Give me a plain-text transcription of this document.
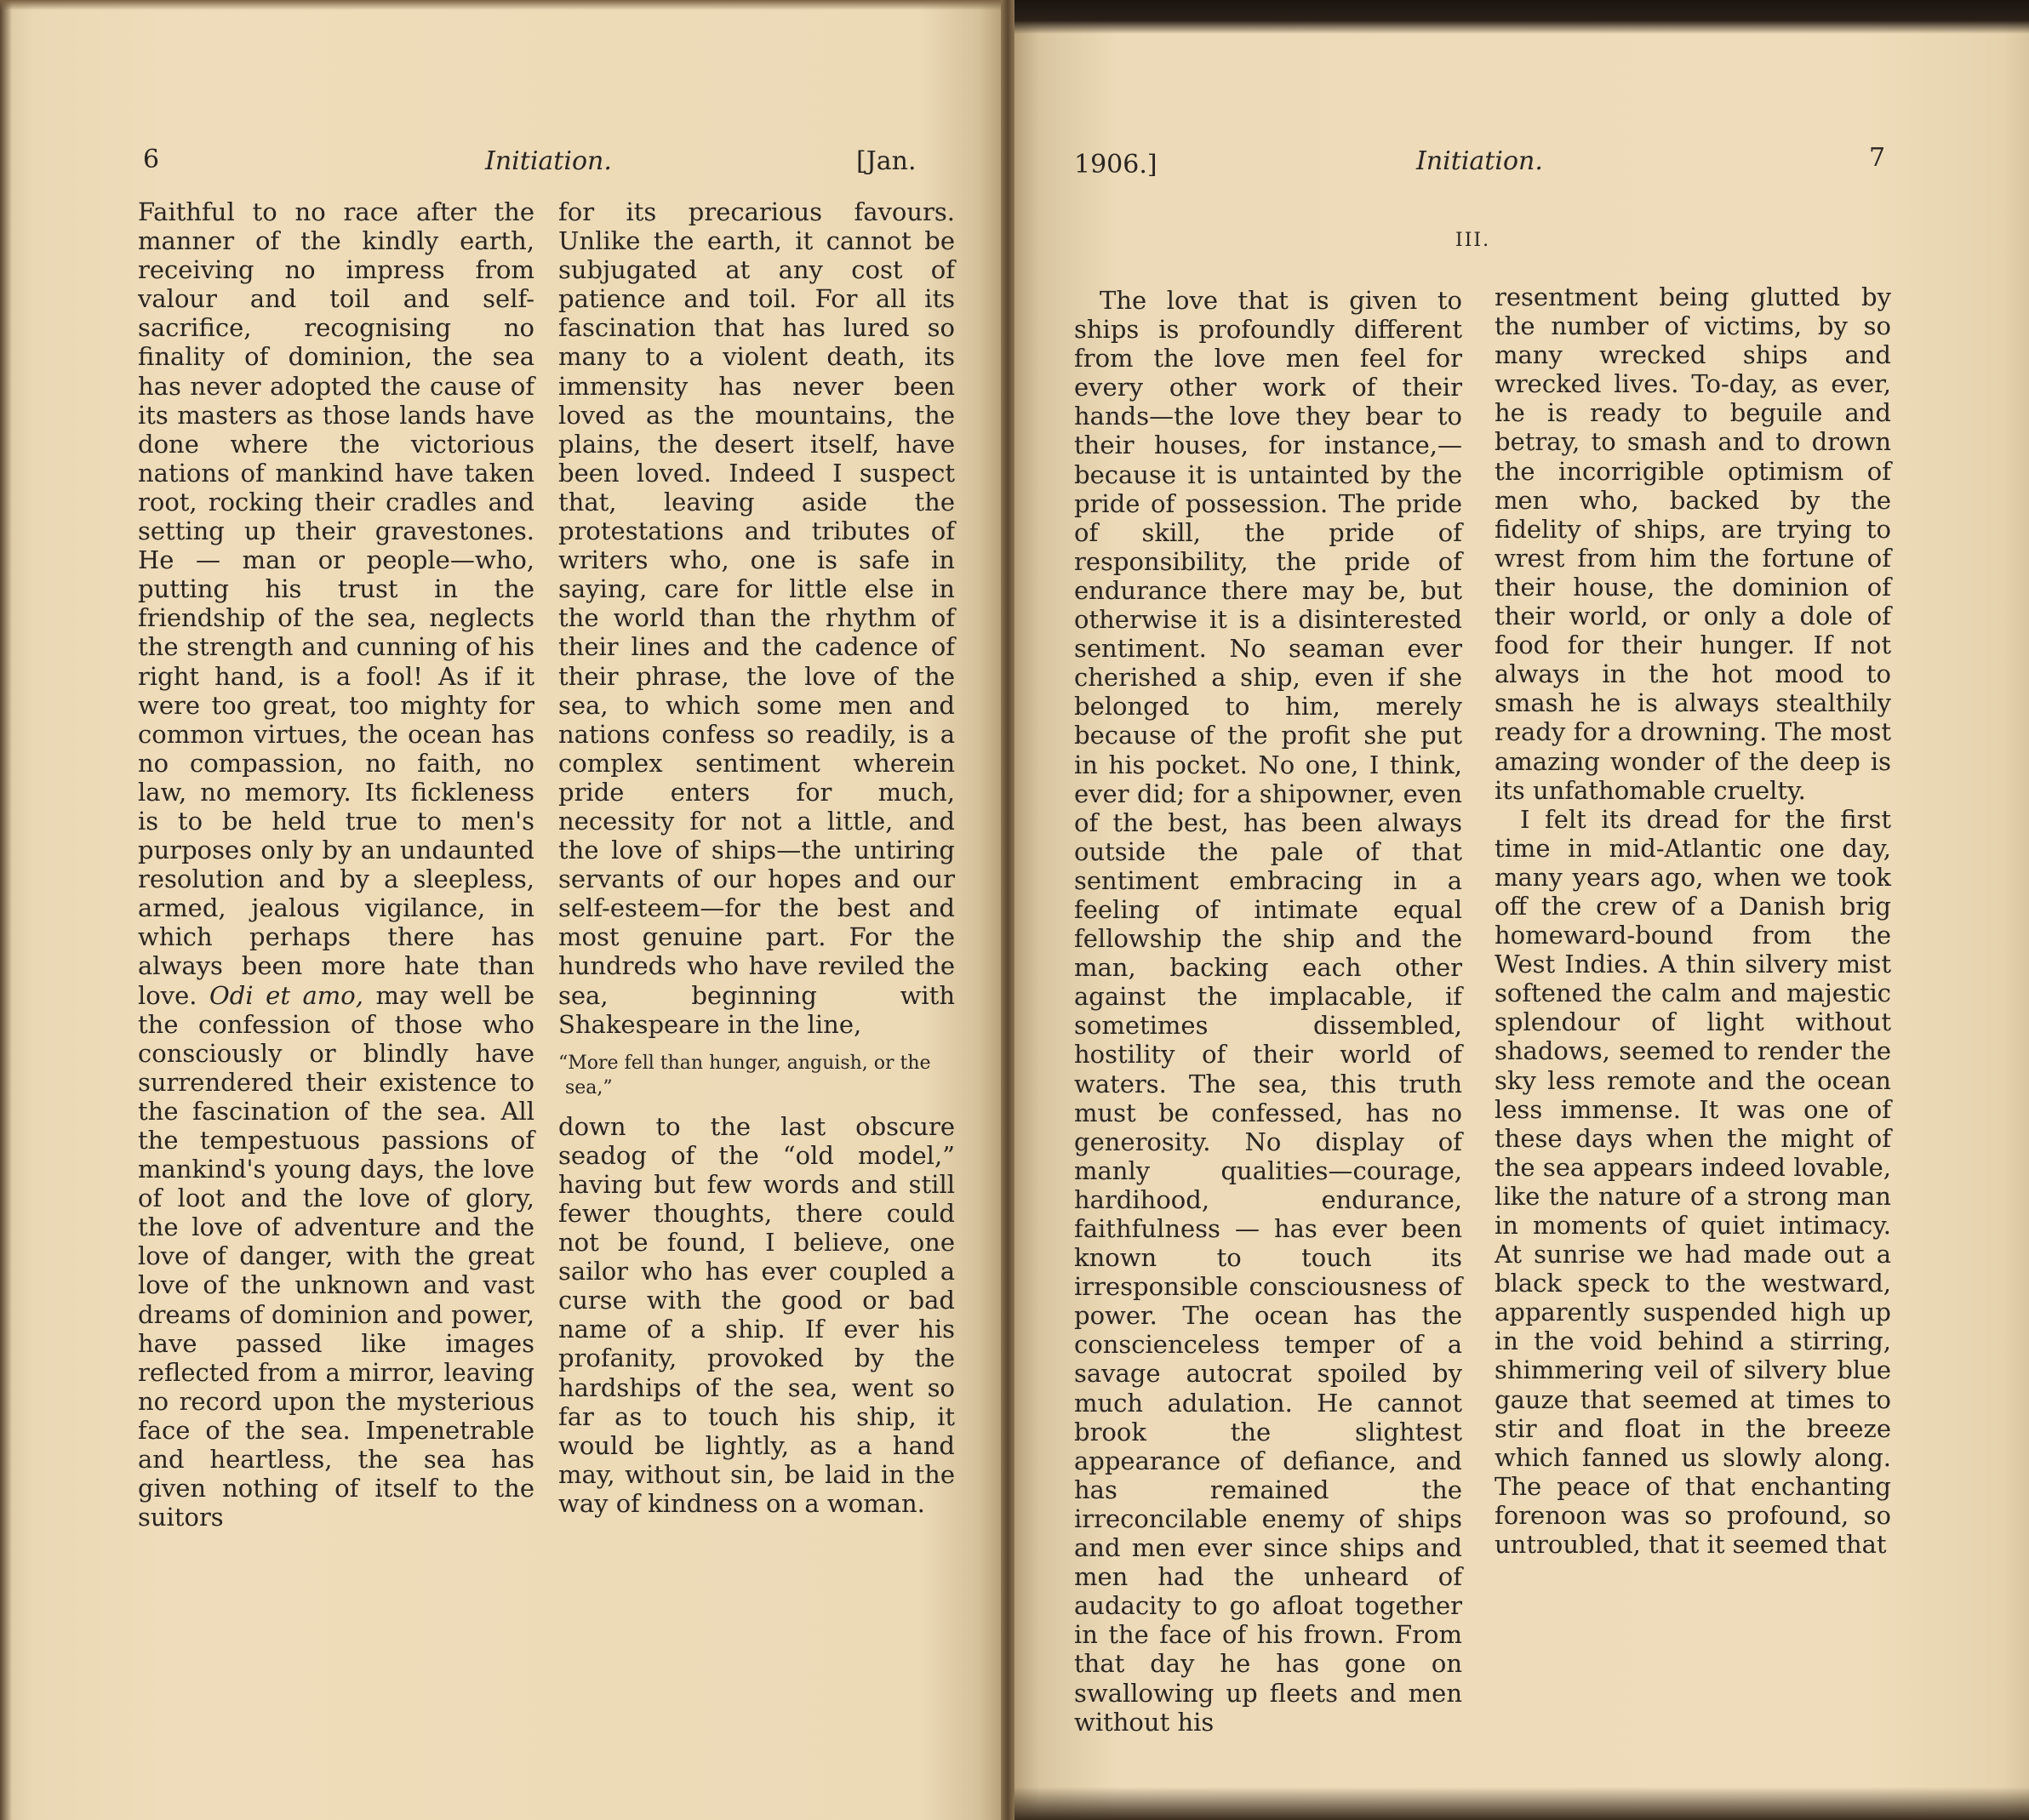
6	Initiation.	[Jan.

Faithful to no race after the manner of the kindly earth, receiving no impress from valour and toil and self-sacrifice, recognising no finality of dominion, the sea has never adopted the cause of its masters as those lands have done where the victorious nations of mankind have taken root, rocking their cradles and setting up their gravestones. He — man or people—who, putting his trust in the friendship of the sea, neglects the strength and cunning of his right hand, is a fool! As if it were too great, too mighty for common virtues, the ocean has no compassion, no faith, no law, no memory. Its fickleness is to be held true to men's purposes only by an undaunted resolution and by a sleepless, armed, jealous vigilance, in which perhaps there has always been more hate than love. Odi et amo, may well be the confession of those who consciously or blindly have surrendered their existence to the fascination of the sea. All the tempestuous passions of mankind's young days, the love of loot and the love of glory, the love of adventure and the love of danger, with the great love of the unknown and vast dreams of dominion and power, have passed like images reflected from a mirror, leaving no record upon the mysterious face of the sea. Impenetrable and heartless, the sea has given nothing of itself to the suitors

for its precarious favours. Unlike the earth, it cannot be subjugated at any cost of patience and toil. For all its fascination that has lured so many to a violent death, its immensity has never been loved as the mountains, the plains, the desert itself, have been loved. Indeed I suspect that, leaving aside the protestations and tributes of writers who, one is safe in saying, care for little else in the world than the rhythm of their lines and the cadence of their phrase, the love of the sea, to which some men and nations confess so readily, is a complex sentiment wherein pride enters for much, necessity for not a little, and the love of ships—the untiring servants of our hopes and our self-esteem—for the best and most genuine part. For the hundreds who have reviled the sea, beginning with Shakespeare in the line,

“More fell than hunger, anguish, or the sea,”

down to the last obscure seadog of the “old model,” having but few words and still fewer thoughts, there could not be found, I believe, one sailor who has ever coupled a curse with the good or bad name of a ship. If ever his profanity, provoked by the hardships of the sea, went so far as to touch his ship, it would be lightly, as a hand may, without sin, be laid in the way of kindness on a woman.

1906.]	Initiation.	7
III.

The love that is given to ships is profoundly different from the love men feel for every other work of their hands—the love they bear to their houses, for instance,—because it is untainted by the pride of possession. The pride of skill, the pride of responsibility, the pride of endurance there may be, but otherwise it is a disinterested sentiment. No seaman ever cherished a ship, even if she belonged to him, merely because of the profit she put in his pocket. No one, I think, ever did; for a shipowner, even of the best, has been always outside the pale of that sentiment embracing in a feeling of intimate equal fellowship the ship and the man, backing each other against the implacable, if sometimes dissembled, hostility of their world of waters. The sea, this truth must be confessed, has no generosity. No display of manly qualities—courage, hardihood, endurance, faithfulness — has ever been known to touch its irresponsible consciousness of power. The ocean has the conscienceless temper of a savage autocrat spoiled by much adulation. He cannot brook the slightest appearance of defiance, and has remained the irreconcilable enemy of ships and men ever since ships and men had the unheard of audacity to go afloat together in the face of his frown. From that day he has gone on swallowing up fleets and men without his

resentment being glutted by the number of victims, by so many wrecked ships and wrecked lives. To-day, as ever, he is ready to beguile and betray, to smash and to drown the incorrigible optimism of men who, backed by the fidelity of ships, are trying to wrest from him the fortune of their house, the dominion of their world, or only a dole of food for their hunger. If not always in the hot mood to smash he is always stealthily ready for a drowning. The most amazing wonder of the deep is its unfathomable cruelty.

I felt its dread for the first time in mid-Atlantic one day, many years ago, when we took off the crew of a Danish brig homeward-bound from the West Indies. A thin silvery mist softened the calm and majestic splendour of light without shadows, seemed to render the sky less remote and the ocean less immense. It was one of these days when the might of the sea appears indeed lovable, like the nature of a strong man in moments of quiet intimacy. At sunrise we had made out a black speck to the westward, apparently suspended high up in the void behind a stirring, shimmering veil of silvery blue gauze that seemed at times to stir and float in the breeze which fanned us slowly along. The peace of that enchanting forenoon was so profound, so untroubled, that it seemed that
